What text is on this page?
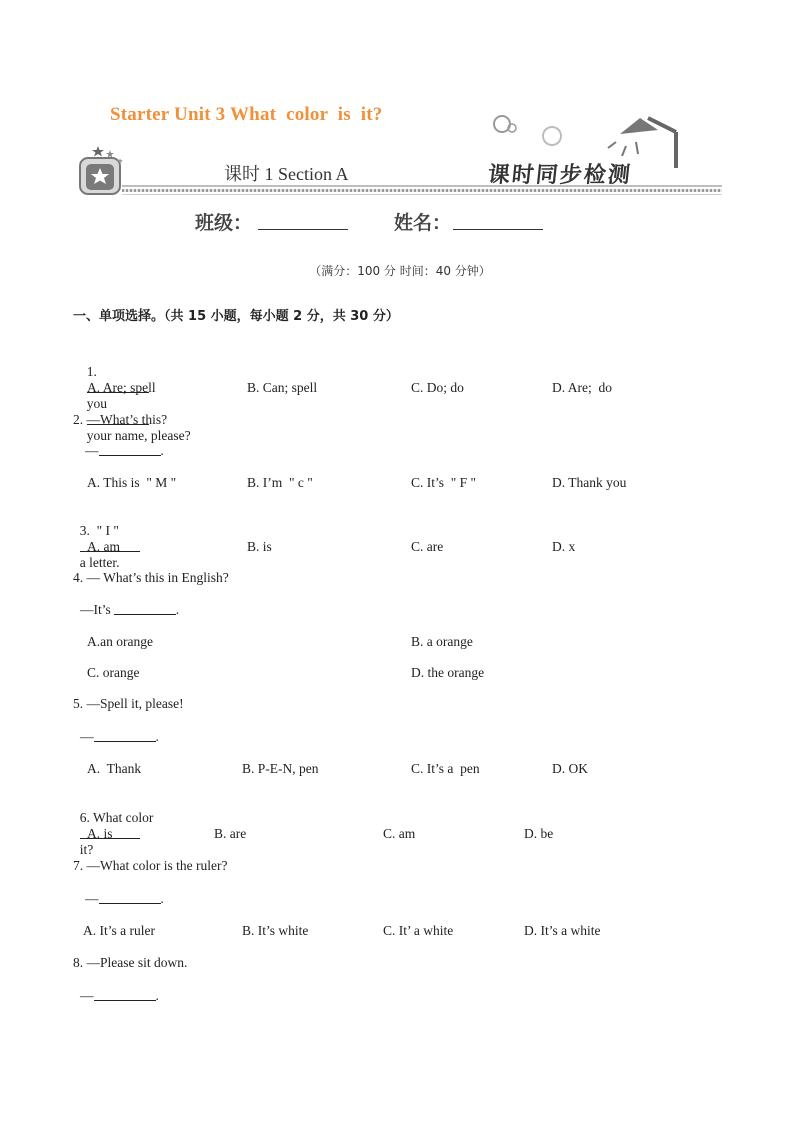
Starter Unit 3 What  color  is  it?
课时 1 Section A	课时同步检测
班级：	姓名：
（满分：100 分 时间：40 分钟）
一、单项选择。（共 15 小题，每小题 2 分，共 30 分）

1.

you

your name, please?

A. Are; spell	B. Can; spell	C. Do; do	D. Are;  do
2. —What’s this?
—	.
A. This is  " M "	B. I’m  " c "	C. It’s  " F "	D. Thank you

3.  " I "

a letter.

A. am	B. is	C. are	D. x
4. — What’s this in English?
—It’s	.
A.an orange	B. a orange
C. orange	D. the orange
5. —Spell it, please!
—	.
A.  Thank	B. P-E-N, pen	C. It’s a  pen	D. OK

6. What color

it?

A. is	B. are	C. am	D. be
7. —What color is the ruler?
—	.
A. It’s a ruler	B. It’s white	C. It’ a white	D. It’s a white
8. —Please sit down.
—	.
